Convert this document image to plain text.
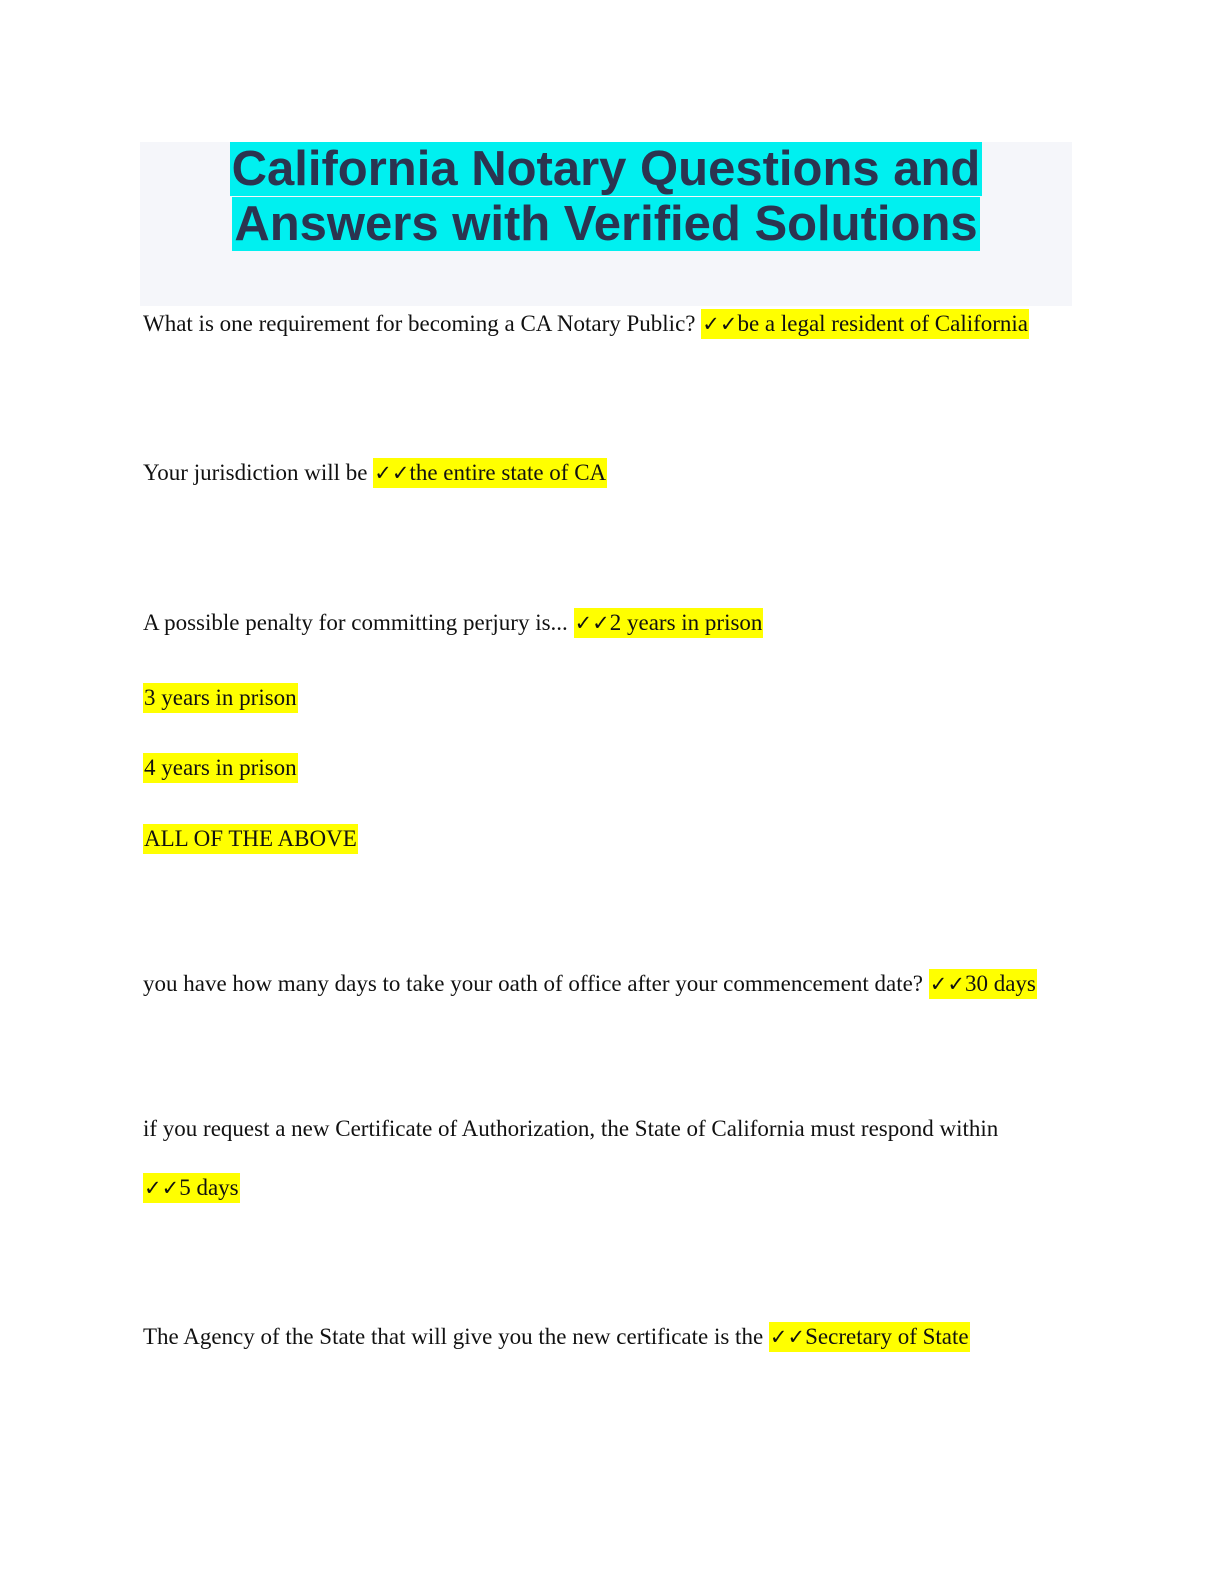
California Notary Questions and
Answers with Verified Solutions
What is one requirement for becoming a CA Notary Public? ✓✓be a legal resident of California
Your jurisdiction will be ✓✓the entire state of CA
A possible penalty for committing perjury is... ✓✓2 years in prison
3 years in prison
4 years in prison
ALL OF THE ABOVE
you have how many days to take your oath of office after your commencement date? ✓✓30 days
if you request a new Certificate of Authorization, the State of California must respond within
✓✓5 days
The Agency of the State that will give you the new certificate is the ✓✓Secretary of State
